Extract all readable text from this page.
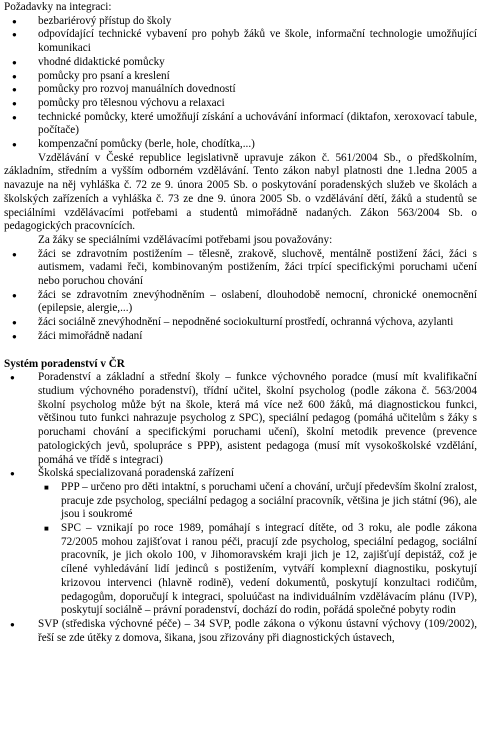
Požadavky na integraci:

● bezbariérový přístup do školy
● odpovídající technické vybavení pro pohyb žáků ve škole, informační technologie umožňující komunikaci
● vhodné didaktické pomůcky
● pomůcky pro psaní a kreslení
● pomůcky pro rozvoj manuálních dovedností
● pomůcky pro tělesnou výchovu a relaxaci
● technické pomůcky, které umožňují získání a uchovávání informací (diktafon, xeroxovací tabule, počítače)
● kompenzační pomůcky (berle, hole, chodítka,...)

Vzdělávání v České republice legislativně upravuje zákon č. 561/2004 Sb., o předškolním, základním, středním a vyšším odborném vzdělávání. Tento zákon nabyl platnosti dne 1.ledna 2005 a navazuje na něj vyhláška č. 72 ze 9. února 2005 Sb. o poskytování poradenských služeb ve školách a školských zařízeních a vyhláška č. 73 ze dne 9. února 2005 Sb. o vzdělávání dětí, žáků a studentů se speciálními vzdělávacími potřebami a studentů mimořádně nadaných. Zákon 563/2004 Sb. o pedagogických pracovnících.

Za žáky se speciálními vzdělávacími potřebami jsou považovány:

● žáci se zdravotním postižením – tělesně, zrakově, sluchově, mentálně postižení žáci, žáci s autismem, vadami řeči, kombinovaným postižením, žáci trpící specifickými poruchami učení nebo poruchou chování
● žáci se zdravotním znevýhodněním – oslabení, dlouhodobě nemocní, chronické onemocnění (epilepsie, alergie,...)
● žáci sociálně znevýhodnění – nepodněné sociokulturní prostředí, ochranná výchova, azylanti
● žáci mimořádně nadaní

Systém poradenství v ČR

● Poradenství a základní a střední školy – funkce výchovného poradce (musí mít kvalifikační studium výchovného poradenství), třídní učitel, školní psycholog (podle zákona č. 563/2004 školní psycholog může být na škole, která má více než 600 žáků, má diagnostickou funkci, většinou tuto funkci nahrazuje psycholog z SPC), speciální pedagog (pomáhá učitelům s žáky s poruchami chování a specifickými poruchami učení), školní metodik prevence (prevence patologických jevů, spolupráce s PPP), asistent pedagoga (musí mít vysokoškolské vzdělání, pomáhá ve třídě s integraci)
● Školská specializovaná poradenská zařízení
■ PPP – určeno pro děti intaktní, s poruchami učení a chování, určují především školní zralost, pracuje zde psycholog, speciální pedagog a sociální pracovník, většina je jich státní (96), ale jsou i soukromé
■ SPC – vznikají po roce 1989, pomáhají s integrací dítěte, od 3 roku, ale podle zákona 72/2005 mohou zajišťovat i ranou péči, pracují zde psycholog, speciální pedagog, sociální pracovník, je jich okolo 100, v Jihomoravském kraji jich je 12, zajišťují depistáž, což je cílené vyhledávání lidí jedinců s postižením, vytváří komplexní diagnostiku, poskytují krizovou intervenci (hlavně rodině), vedení dokumentů, poskytují konzultaci rodičům, pedagogům, doporučují k integraci, spoluúčast na individuálním vzdělávacím plánu (IVP), poskytují sociálně – právní poradenství, dochází do rodin, pořádá společné pobyty rodin
● SVP (střediska výchovné péče) – 34 SVP, podle zákona o výkonu ústavní výchovy (109/2002), řeší se zde útěky z domova, šikana, jsou zřizovány při diagnostických ústavech,
